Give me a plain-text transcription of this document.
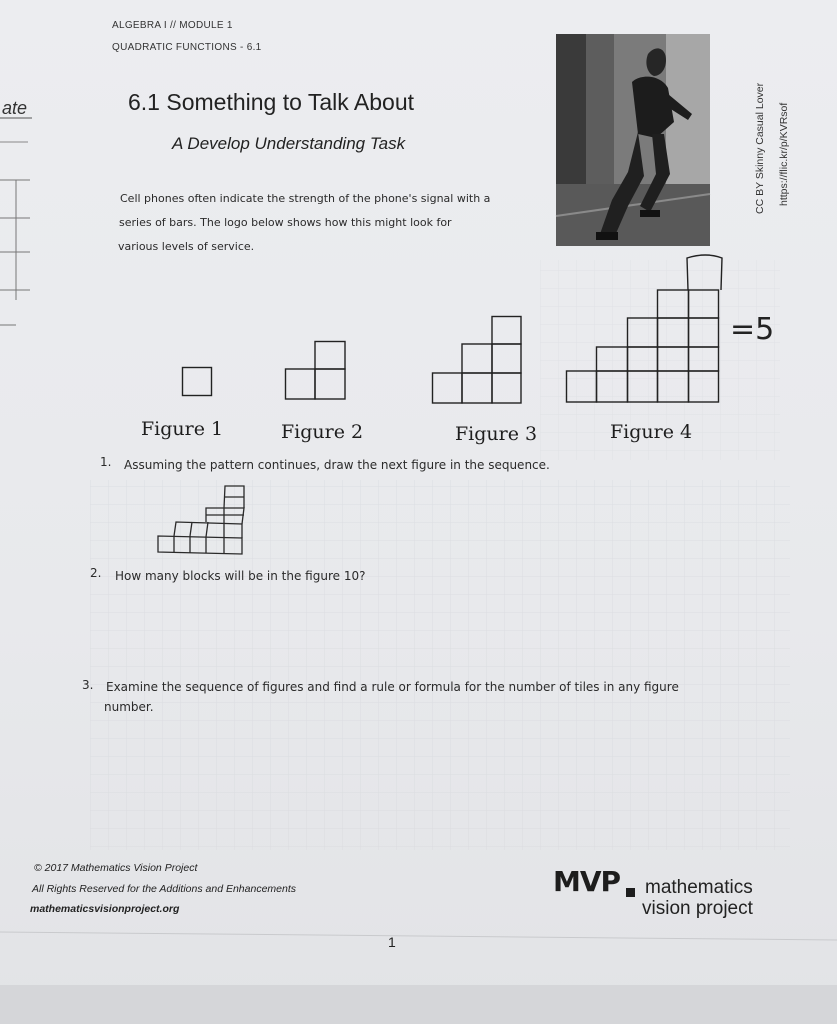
ate
ALGEBRA I // MODULE 1
QUADRATIC FUNCTIONS - 6.1
6.1 Something to Talk About
A Develop Understanding Task
Cell phones often indicate the strength of the phone's signal with a
series of bars. The logo below shows how this might look for
various levels of service.
CC BY Skinny Casual Lover https://flic.kr/p/KVRsof
=5
Figure 1	Figure 2	Figure 3	Figure 4
1. Assuming the pattern continues, draw the next figure in the sequence.
2. How many blocks will be in the figure 10?
3. Examine the sequence of figures and find a rule or formula for the number of tiles in any figure
number.
© 2017 Mathematics Vision Project
All Rights Reserved for the Additions and Enhancements
mathematicsvisionproject.org
MVP mathematics
vision project
1
